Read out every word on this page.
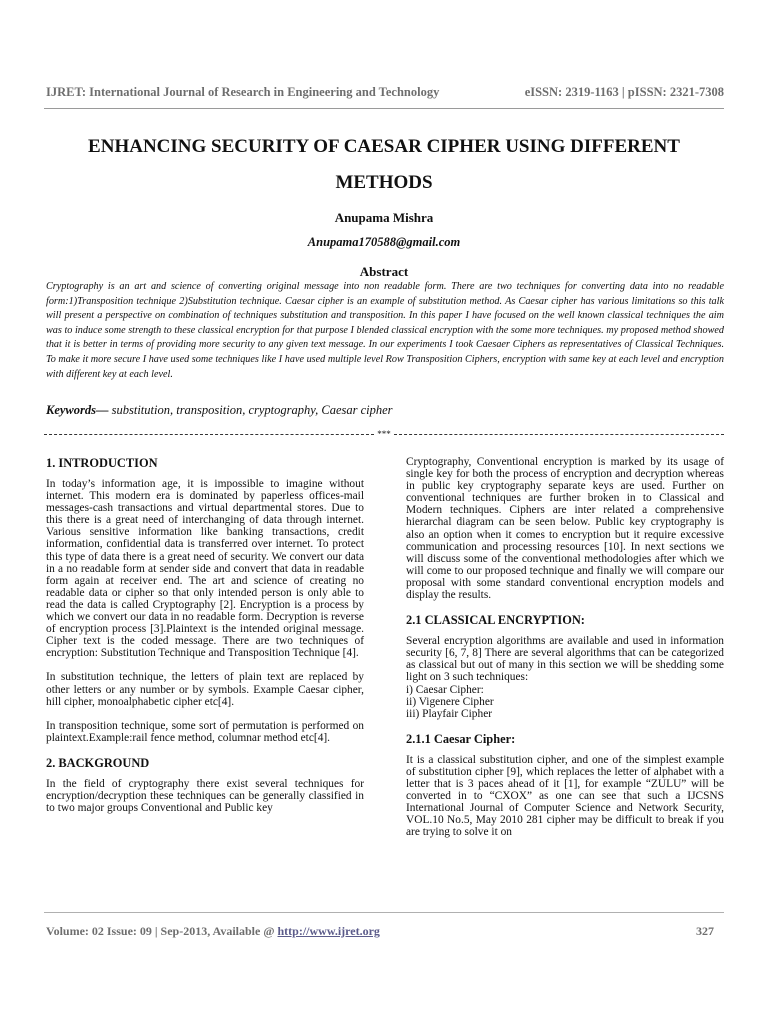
IJRET: International Journal of Research in Engineering and Technology	eISSN: 2319-1163 | pISSN: 2321-7308
ENHANCING SECURITY OF CAESAR CIPHER USING DIFFERENT METHODS
Anupama Mishra
Anupama170588@gmail.com
Abstract

Cryptography is an art and science of converting original message into non readable form. There are two techniques for converting data into no readable form:1)Transposition technique 2)Substitution technique. Caesar cipher is an example of substitution method. As Caesar cipher has various limitations so this talk will present a perspective on combination of techniques substitution and transposition. In this paper I have focused on the well known classical techniques the aim was to induce some strength to these classical encryption for that purpose I blended classical encryption with the some more techniques. my proposed method showed that it is better in terms of providing more security to any given text message. In our experiments I took Caesaer Ciphers as representatives of Classical Techniques. To make it more secure I have used some techniques like I have used multiple level Row Transposition Ciphers, encryption with same key at each level and encryption with different key at each level.

Keywords— substitution, transposition, cryptography, Caesar cipher
***
1. INTRODUCTION

In today’s information age, it is impossible to imagine without internet. This modern era is dominated by paperless offices-mail messages-cash transactions and virtual departmental stores. Due to this there is a great need of interchanging of data through internet. Various sensitive information like banking transactions, credit information, confidential data is transferred over internet. To protect this type of data there is a great need of security. We convert our data in a no readable form at sender side and convert that data in readable form again at receiver end. The art and science of creating no readable data or cipher so that only intended person is only able to read the data is called Cryptography [2]. Encryption is a process by which we convert our data in no readable form. Decryption is reverse of encryption process [3].Plaintext is the intended original message. Cipher text is the coded message. There are two techniques of encryption: Substitution Technique and Transposition Technique [4].

In substitution technique, the letters of plain text are replaced by other letters or any number or by symbols. Example Caesar cipher, hill cipher, monoalphabetic cipher etc[4].

In transposition technique, some sort of permutation is performed on plaintext.Example:rail fence method, columnar method etc[4].

2. BACKGROUND

In the field of cryptography there exist several techniques for encryption/decryption these techniques can be generally classified in to two major groups Conventional and Public key

Cryptography, Conventional encryption is marked by its usage of single key for both the process of encryption and decryption whereas in public key cryptography separate keys are used. Further on conventional techniques are further broken in to Classical and Modern techniques. Ciphers are inter related a comprehensive hierarchal diagram can be seen below. Public key cryptography is also an option when it comes to encryption but it require excessive communication and processing resources [10]. In next sections we will discuss some of the conventional methodologies after which we will come to our proposed technique and finally we will compare our proposal with some standard conventional encryption models and display the results.

2.1 CLASSICAL ENCRYPTION:

Several encryption algorithms are available and used in information security [6, 7, 8] There are several algorithms that can be categorized as classical but out of many in this section we will be shedding some light on 3 such techniques:

i) Caesar Cipher:
ii) Vigenere Cipher
iii) Playfair Cipher
2.1.1 Caesar Cipher:

It is a classical substitution cipher, and one of the simplest example of substitution cipher [9], which replaces the letter of alphabet with a letter that is 3 paces ahead of it [1], for example “ZULU” will be converted in to “CXOX” as one can see that such a IJCSNS International Journal of Computer Science and Network Security, VOL.10 No.5, May 2010 281 cipher may be difficult to break if you are trying to solve it on

Volume: 02 Issue: 09 | Sep-2013, Available @ http://www.ijret.org	327
